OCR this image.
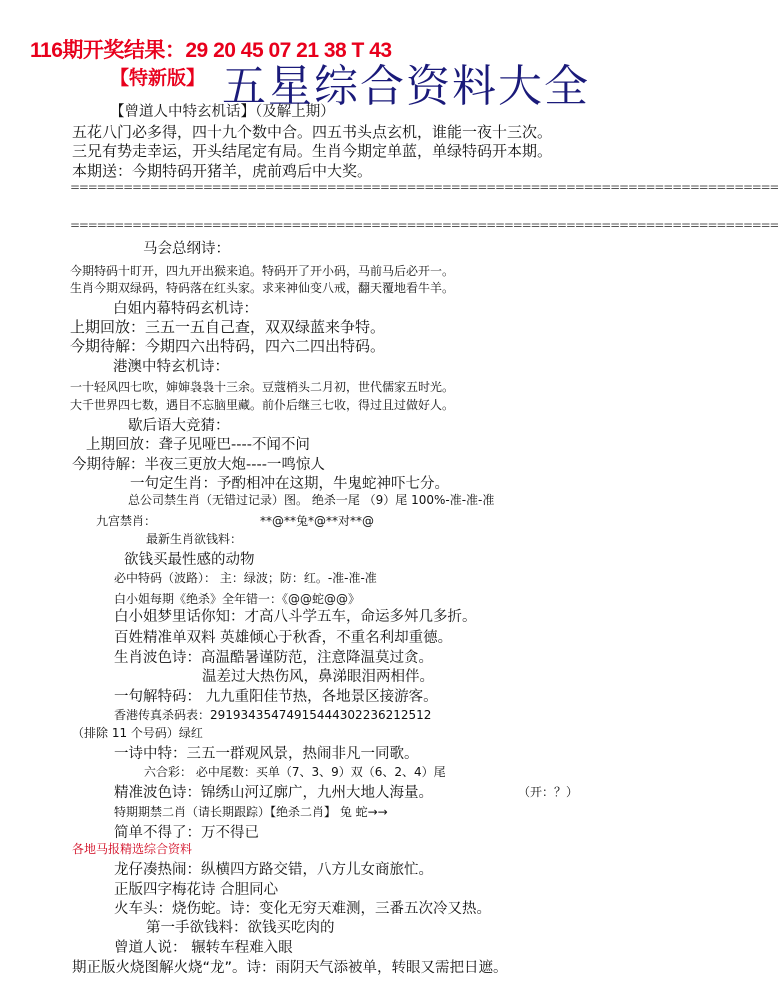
116期开奖结果：29 20 45 07 21 38 T 43
【特新版】 五星综合资料大全
【曾道人中特玄机话】（及解上期）
五花八门必多得，四十九个数中合。四五书头点玄机，谁能一夜十三次。
三兄有势走幸运，开头结尾定有局。生肖今期定单蓝，单绿特码开本期。
本期送：今期特码开猪羊，虎前鸡后中大奖。
================================================================================
================================================================================
马会总纲诗：
今期特码十盯开，四九开出猴来追。特码开了开小码，马前马后必开一。
生肖今期双绿码，特码落在红头家。求来神仙变八戒，翻天覆地看牛羊。
白姐内幕特码玄机诗：
上期回放：三五一五自己查，双双绿蓝来争特。
今期待解：今期四六出特码，四六二四出特码。
港澳中特玄机诗：
一十轻风四七吹，婶婶袅袅十三余。豆蔻梢头二月初，世代儒家五时光。
大千世界四七数，遇目不忘脑里藏。前仆后继三七收，得过且过做好人。
歇后语大竞猜：
上期回放：聋子见哑巴----不闻不问
今期待解：半夜三更放大炮----一鸣惊人
一句定生肖：予酌相冲在这期，牛鬼蛇神吓七分。
总公司禁生肖（无错过记录）图。 绝杀一尾 （9）尾 100%-准-准-准
九宫禁肖：	**@**兔*@**对**@
最新生肖欲钱料：
欲钱买最性感的动物
必中特码（波路）： 主：绿波；防：红。-准-准-准
白小姐每期《绝杀》全年错一：《@@蛇@@》
白小姐梦里话你知：才高八斗学五车，命运多舛几多折。
百姓精准单双料 英雄倾心于秋香，不重名利却重德。
生肖波色诗：高温酷暑谨防范，注意降温莫过贪。
温差过大热伤风，鼻涕眼泪两相伴。
一句解特码： 九九重阳佳节热，各地景区接游客。
香港传真杀码表：2919343547491544430223621251​2
（排除 11 个号码）绿红
一诗中特：三五一群观风景，热闹非凡一同歌。
六合彩： 必中尾数：买单（7、3、9）双（6、2、4）尾
精准波色诗：锦绣山河辽廓广，九州大地人海量。	（开：？）
特期期禁二肖（请长期跟踪）【绝杀二肖】 兔 蛇→→
简单不得了：万不得已
各地马报精选综合资料
龙仔凑热闹：纵横四方路交错，八方儿女商旅忙。
正版四字梅花诗 合胆同心
火车头：烧伤蛇。诗：变化无穷天难测，三番五次冷又热。
第一手欲钱料：欲钱买吃肉的
曾道人说： 辗转车程难入眼
期正版火烧图解火烧“龙”。诗：雨阴天气添被单，转眼又需把日遮。
